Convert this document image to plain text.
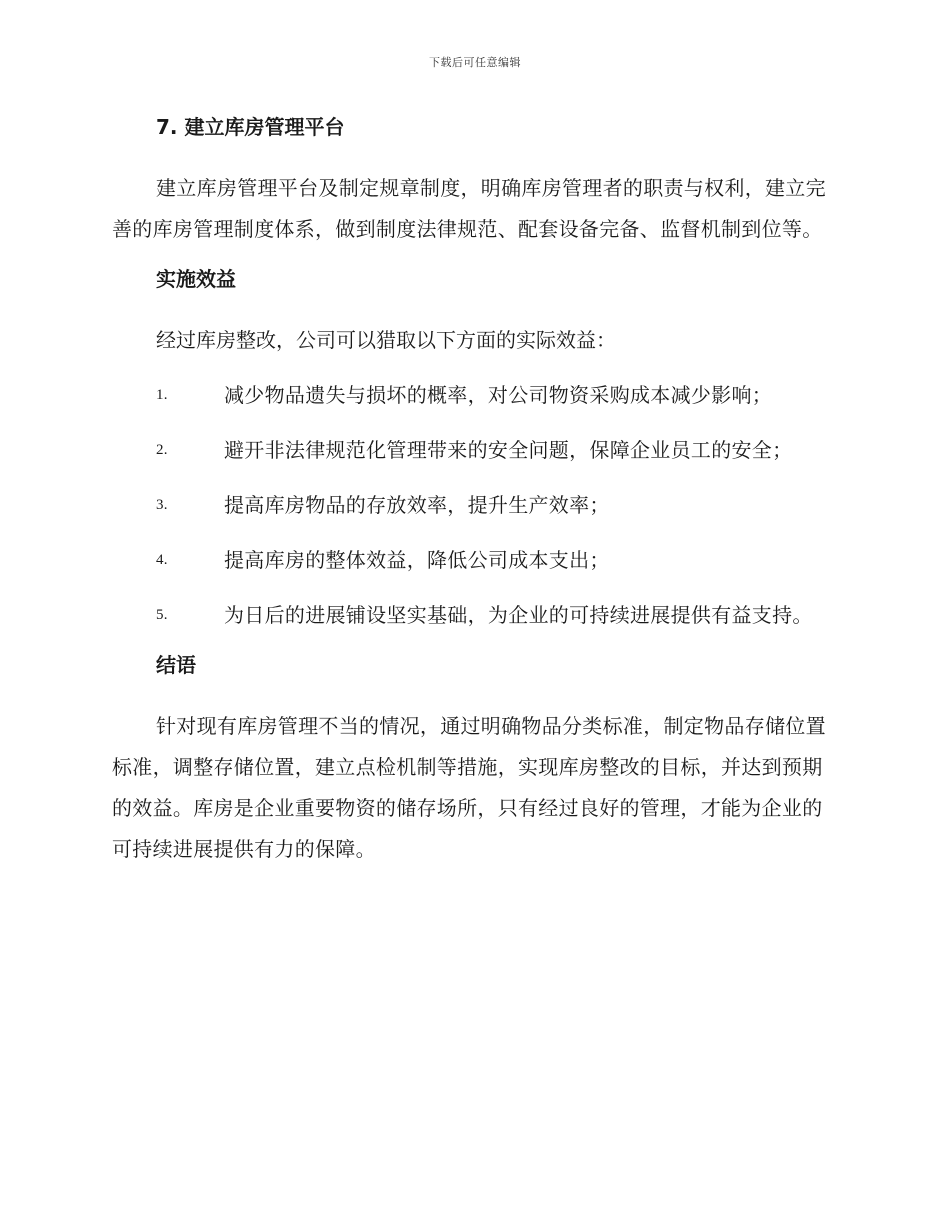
下载后可任意编辑
7. 建立库房管理平台

建立库房管理平台及制定规章制度，明确库房管理者的职责与权利，建立完善的库房管理制度体系，做到制度法律规范、配套设备完备、监督机制到位等。

实施效益

经过库房整改，公司可以猎取以下方面的实际效益：

1.	减少物品遗失与损坏的概率，对公司物资采购成本减少影响；
2.	避开非法律规范化管理带来的安全问题，保障企业员工的安全；
3.	提高库房物品的存放效率，提升生产效率；
4.	提高库房的整体效益，降低公司成本支出；
5.	为日后的进展铺设坚实基础，为企业的可持续进展提供有益支持。
结语

针对现有库房管理不当的情况，通过明确物品分类标准，制定物品存储位置标准，调整存储位置，建立点检机制等措施，实现库房整改的目标，并达到预期的效益。库房是企业重要物资的储存场所，只有经过良好的管理，才能为企业的可持续进展提供有力的保障。
